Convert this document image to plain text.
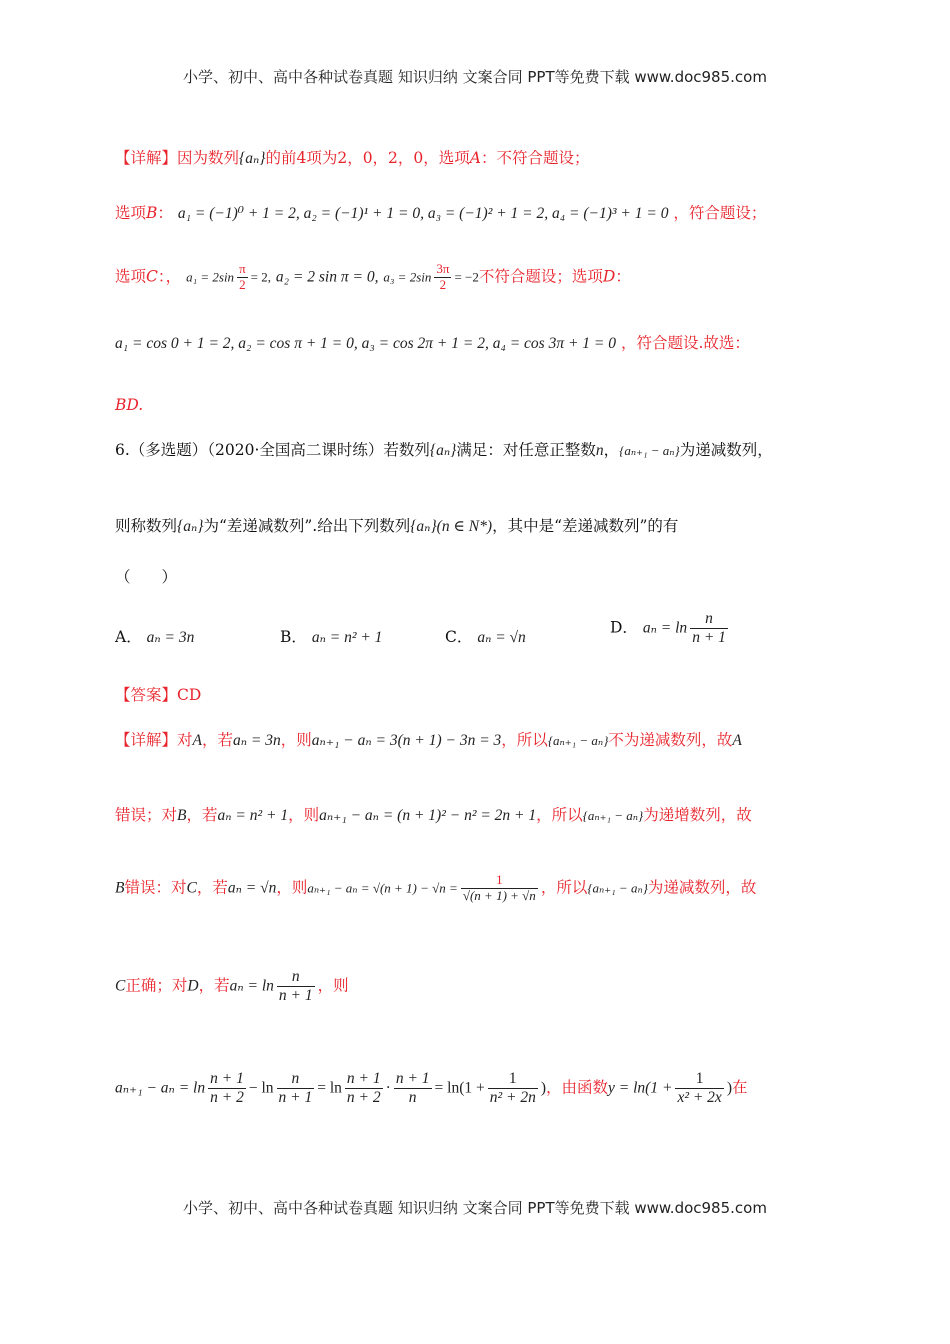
小学、初中、高中各种试卷真题 知识归纳 文案合同 PPT等免费下载 www.doc985.com
【详解】因为数列{aₙ}的前4项为2，0，2，0，选项A：不符合题设；
选项B： a₁ = (−1)⁰ + 1 = 2, a₂ = (−1)¹ + 1 = 0, a₃ = (−1)² + 1 = 2, a₄ = (−1)³ + 1 = 0 ，符合题设；
选项C：， $a_1 = 2\sin \frac{\pi}{2} = 2$, a₂ = 2 sin π = 0, $a_3 = 2\sin \frac{3\pi}{2} = -2$不符合题设；选项D：
a₁ = cos 0 + 1 = 2, a₂ = cos π + 1 = 0, a₃ = cos 2π + 1 = 2, a₄ = cos 3π + 1 = 0 ，符合题设.故选：
BD.
6.（多选题）（2020·全国高二课时练）若数列{aₙ}满足：对任意正整数n，{aₙ₊₁ − aₙ}为递减数列，
则称数列{aₙ}为“差递减数列”.给出下列数列{aₙ}(n ∈ N*)，其中是“差递减数列”的有
（　　）
A． aₙ = 3n	B． aₙ = n² + 1	C． aₙ = √n
D． $a_n = \ln \frac{n}{n + 1}$
【答案】CD
【详解】对A，若aₙ = 3n，则aₙ₊₁ − aₙ = 3(n + 1) − 3n = 3，所以{aₙ₊₁ − aₙ}不为递减数列，故A
错误；对B，若aₙ = n² + 1，则aₙ₊₁ − aₙ = (n + 1)² − n² = 2n + 1，所以{aₙ₊₁ − aₙ}为递增数列，故
B错误：对C，若aₙ = √n，则$a_{n+1} - a_n = √(n + 1) - √n = \frac{1}{√(n + 1) + √n}$ ，所以{aₙ₊₁ − aₙ}为递减数列，故
C正确；对D，若$a_n = \ln \frac{n}{n + 1}$ ，则
$a_{n+1} - a_n = \ln \frac{n + 1}{n + 2} - \ln \frac{n}{n + 1} = \ln \frac{n + 1}{n + 2} \cdot \frac{n + 1}{n} = \ln(1 + \frac{1}{\text{n² + 2n}}$ )，由函数$y = \ln(1 + \frac{1}{\text{x² + 2x}}$ )在
小学、初中、高中各种试卷真题 知识归纳 文案合同 PPT等免费下载 www.doc985.com
